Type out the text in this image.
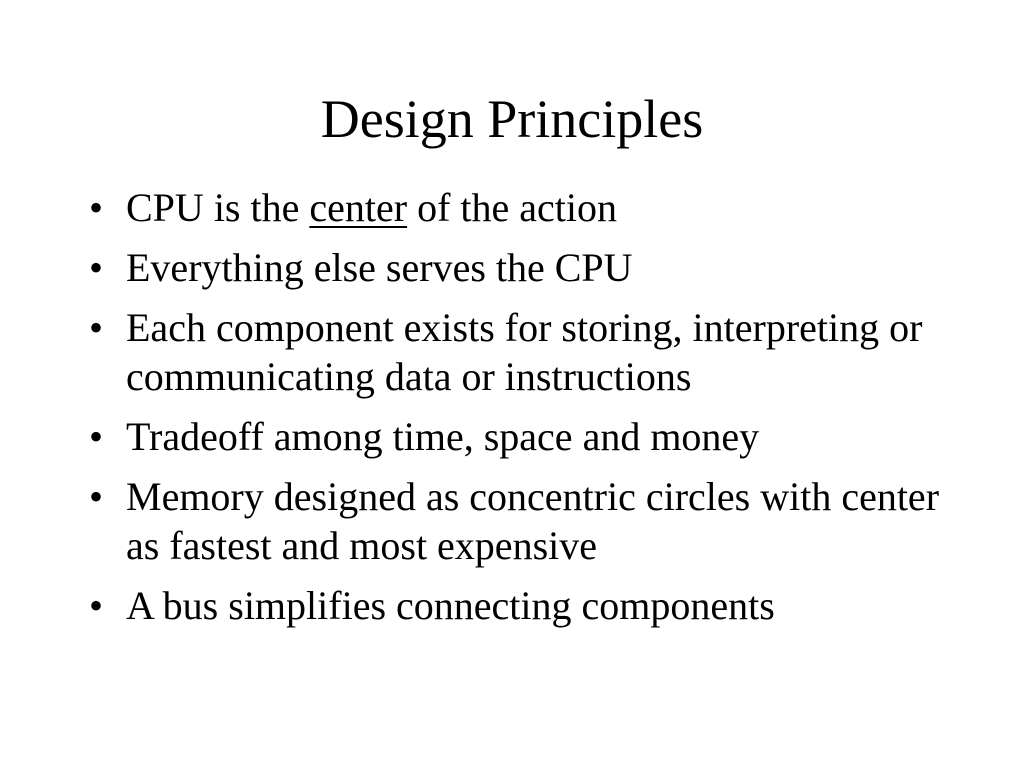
Design Principles
• CPU is the center of the action
• Everything else serves the CPU
• Each component exists for storing, interpreting or communicating data or instructions
• Tradeoff among time, space and money
• Memory designed as concentric circles with center as fastest and most expensive
• A bus simplifies connecting components
